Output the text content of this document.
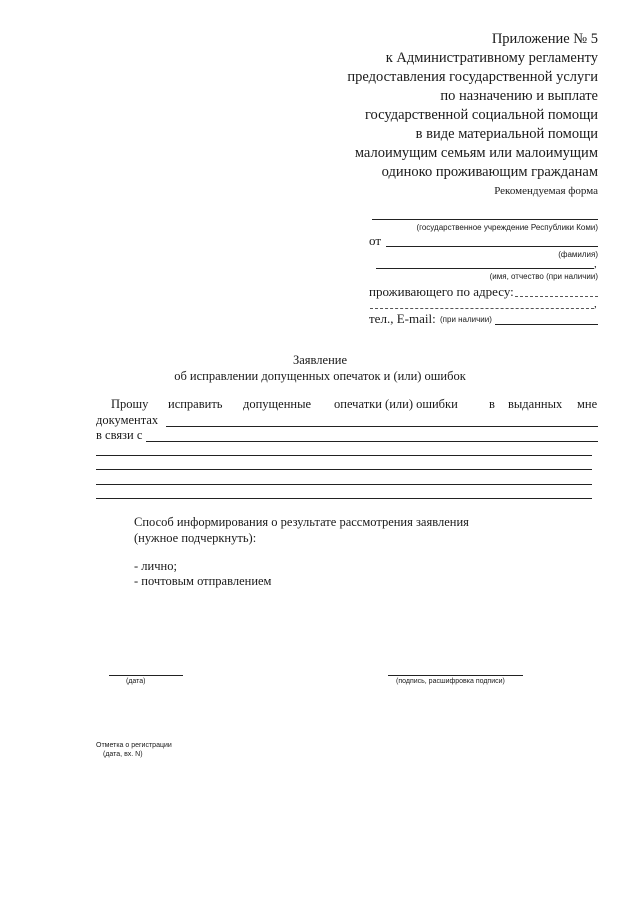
Приложение № 5
к Административному регламенту
предоставления государственной услуги
по назначению и выплате
государственной социальной помощи
в виде материальной помощи
малоимущим семьям или малоимущим
одиноко проживающим гражданам
Рекомендуемая форма
(государственное учреждение Республики Коми)
от
(фамилия)
,
(имя, отчество (при наличии)
проживающего по адресу:
,
тел., E-mail: (при наличии)
Заявление
об исправлении допущенных опечаток и (или) ошибок
Прошу исправить допущенные опечатки (или) ошибки в выданных мне
документах
в связи с
Способ информирования о результате рассмотрения заявления
(нужное подчеркнуть):
- лично;
- почтовым отправлением
(дата)	(подпись, расшифровка подписи)
Отметка о регистрации
(дата, вх. N)
